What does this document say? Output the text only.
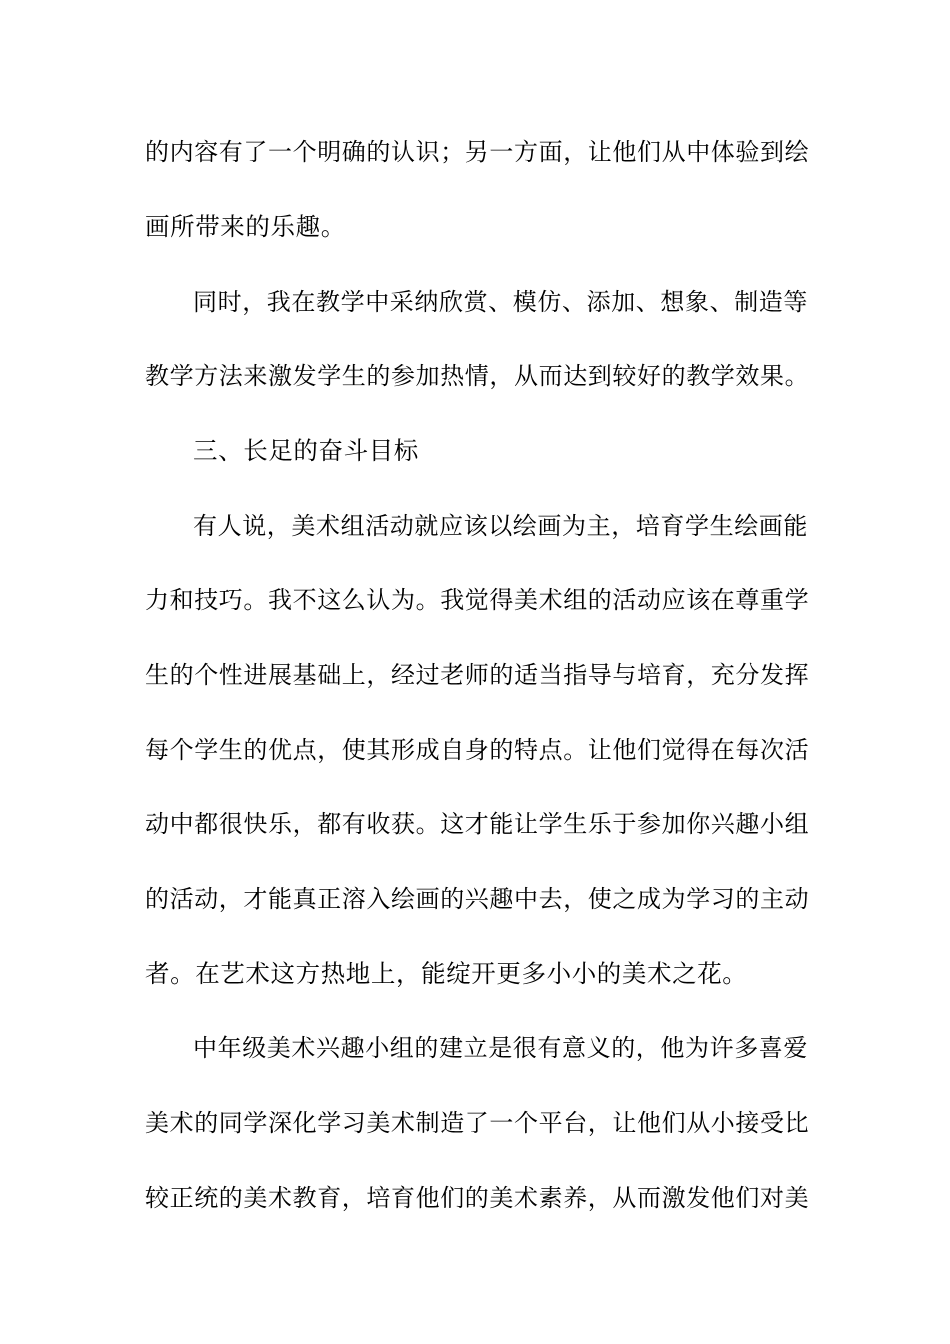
的内容有了一个明确的认识；另一方面，让他们从中体验到绘
画所带来的乐趣。
同时，我在教学中采纳欣赏、模仿、添加、想象、制造等
教学方法来激发学生的参加热情，从而达到较好的教学效果。
三、长足的奋斗目标
有人说，美术组活动就应该以绘画为主，培育学生绘画能
力和技巧。我不这么认为。我觉得美术组的活动应该在尊重学
生的个性进展基础上，经过老师的适当指导与培育，充分发挥
每个学生的优点，使其形成自身的特点。让他们觉得在每次活
动中都很快乐，都有收获。这才能让学生乐于参加你兴趣小组
的活动，才能真正溶入绘画的兴趣中去，使之成为学习的主动
者。在艺术这方热地上，能绽开更多小小的美术之花。
中年级美术兴趣小组的建立是很有意义的，他为许多喜爱
美术的同学深化学习美术制造了一个平台，让他们从小接受比
较正统的美术教育，培育他们的美术素养，从而激发他们对美
